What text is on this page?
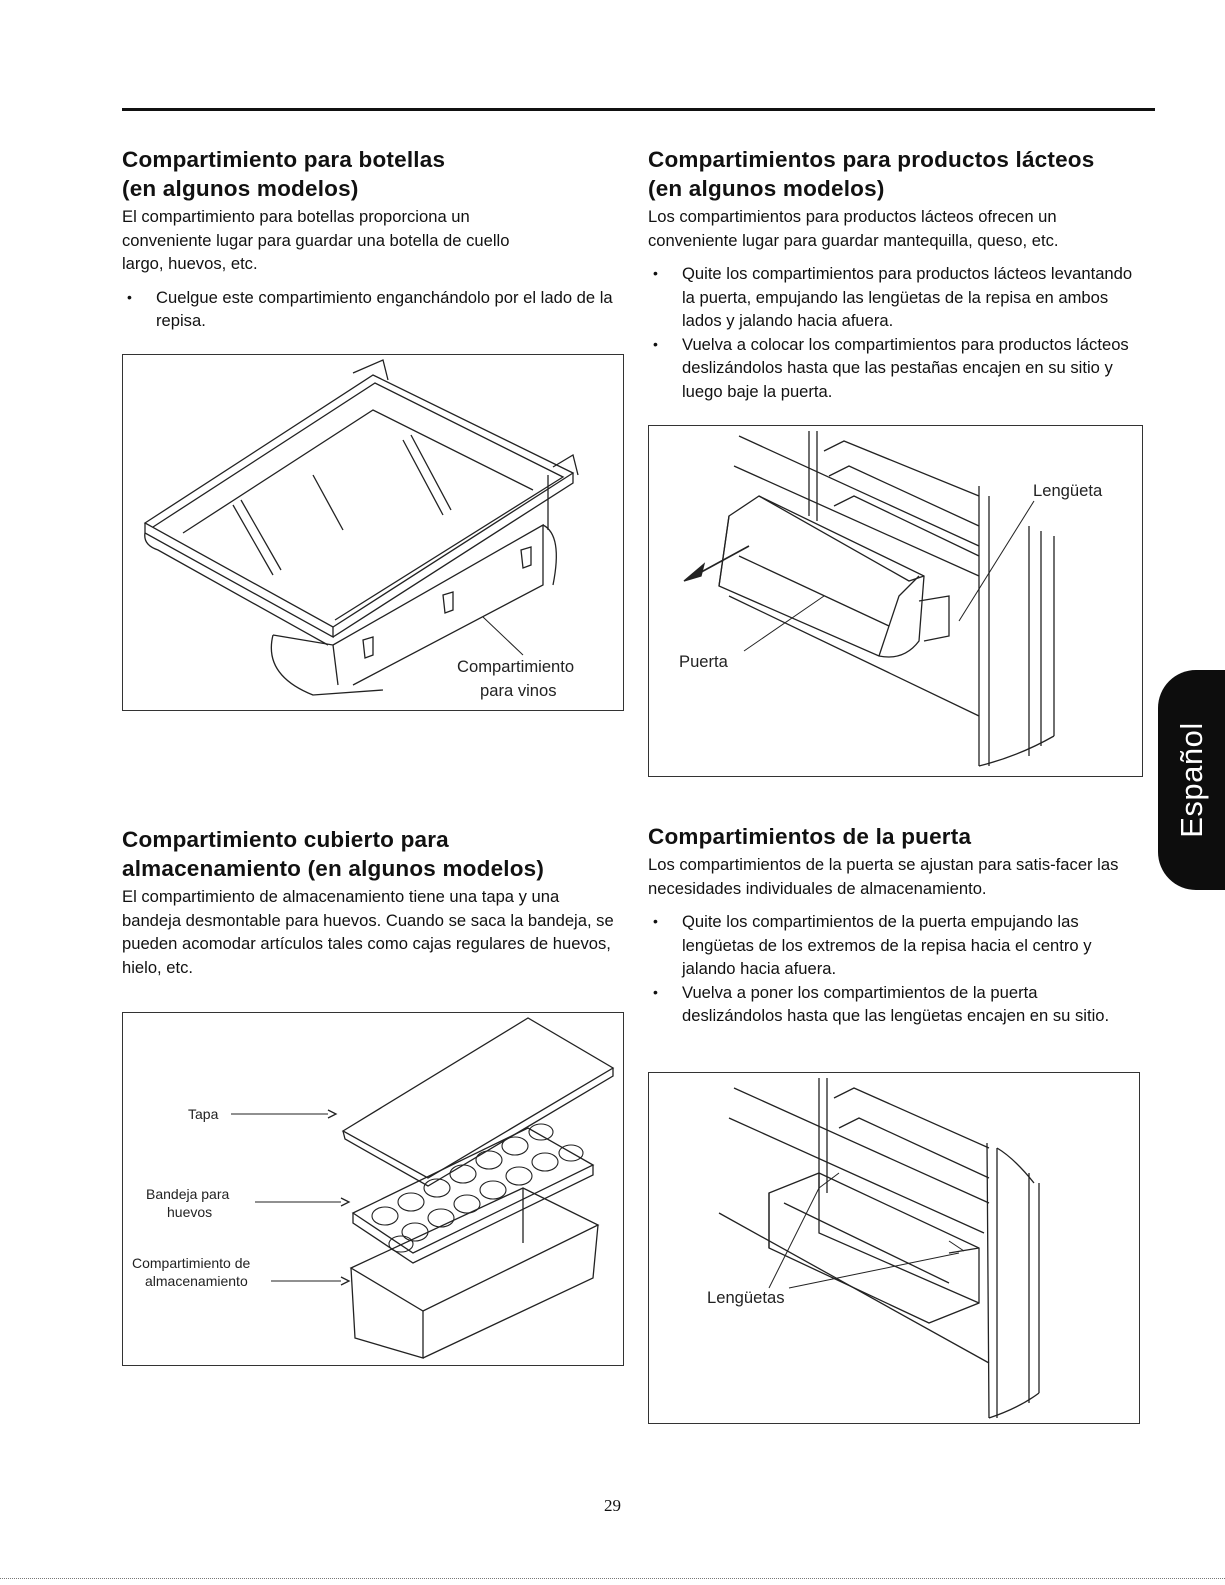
Compartimiento para botellas
(en algunos modelos)

El compartimiento para botellas proporciona un conveniente lugar para guardar una botella de cuello largo, huevos, etc.

• Cuelgue este compartimiento enganchándolo por el lado de la repisa.
Compartimiento
para vinos
Compartimientos para productos lácteos
(en algunos modelos)

Los compartimientos para productos lácteos ofrecen un conveniente lugar para guardar mantequilla, queso, etc.

• Quite los compartimientos para productos lácteos levantando la puerta, empujando las lengüetas de la repisa en ambos lados y jalando hacia afuera.
• Vuelva a colocar los compartimientos para productos lácteos deslizándolos hasta que las pestañas encajen en su sitio y luego baje la puerta.
Lengüeta
Puerta
Compartimiento cubierto para
almacenamiento (en algunos modelos)

El compartimiento de almacenamiento tiene una tapa y una bandeja desmontable para huevos. Cuando se saca la bandeja, se pueden acomodar artículos tales como cajas regulares de huevos, hielo, etc.

Tapa
Bandeja para
huevos
Compartimiento de
almacenamiento
Compartimientos de la puerta

Los compartimientos de la puerta se ajustan para satis-facer las necesidades individuales de almacenamiento.

• Quite los compartimientos de la puerta empujando las lengüetas de los extremos de la repisa hacia el centro y jalando hacia afuera.
• Vuelva a poner los compartimientos de la puerta deslizándolos hasta que las lengüetas encajen en su sitio.
Lengüetas
Español
29
